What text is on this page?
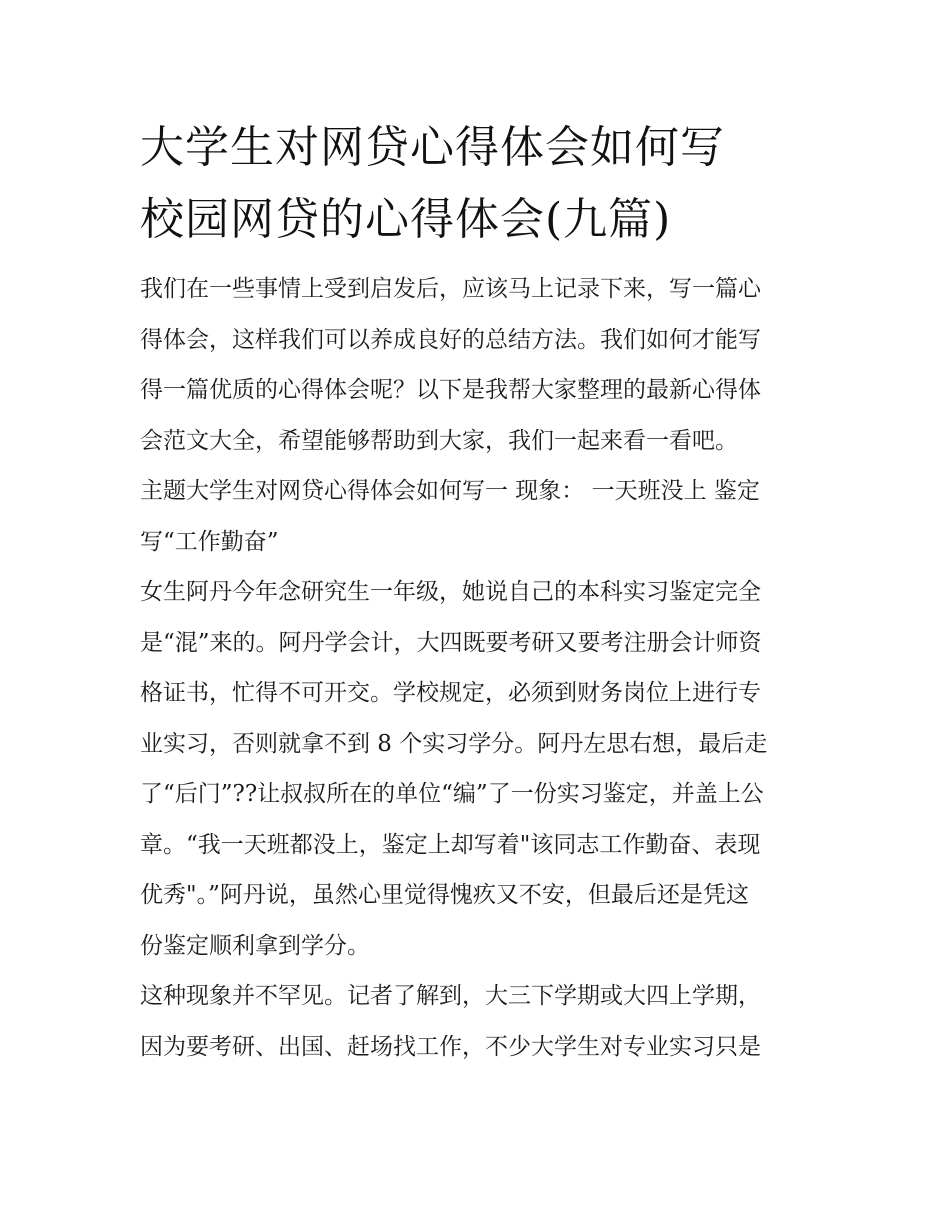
大学生对网贷心得体会如何写
校园网贷的心得体会(九篇)

我们在一些事情上受到启发后，应该马上记录下来，写一篇心
得体会，这样我们可以养成良好的总结方法。我们如何才能写
得一篇优质的心得体会呢？以下是我帮大家整理的最新心得体
会范文大全，希望能够帮助到大家，我们一起来看一看吧。

主题大学生对网贷心得体会如何写一 现象： 一天班没上 鉴定
写“工作勤奋”

女生阿丹今年念研究生一年级，她说自己的本科实习鉴定完全
是“混”来的。阿丹学会计，大四既要考研又要考注册会计师资
格证书，忙得不可开交。学校规定，必须到财务岗位上进行专
业实习，否则就拿不到 8 个实习学分。阿丹左思右想，最后走
了“后门”??让叔叔所在的单位“编”了一份实习鉴定，并盖上公
章。“我一天班都没上，鉴定上却写着"该同志工作勤奋、表现
优秀"。”阿丹说，虽然心里觉得愧疚又不安，但最后还是凭这
份鉴定顺利拿到学分。

这种现象并不罕见。记者了解到，大三下学期或大四上学期，
因为要考研、出国、赶场找工作，不少大学生对专业实习只是
